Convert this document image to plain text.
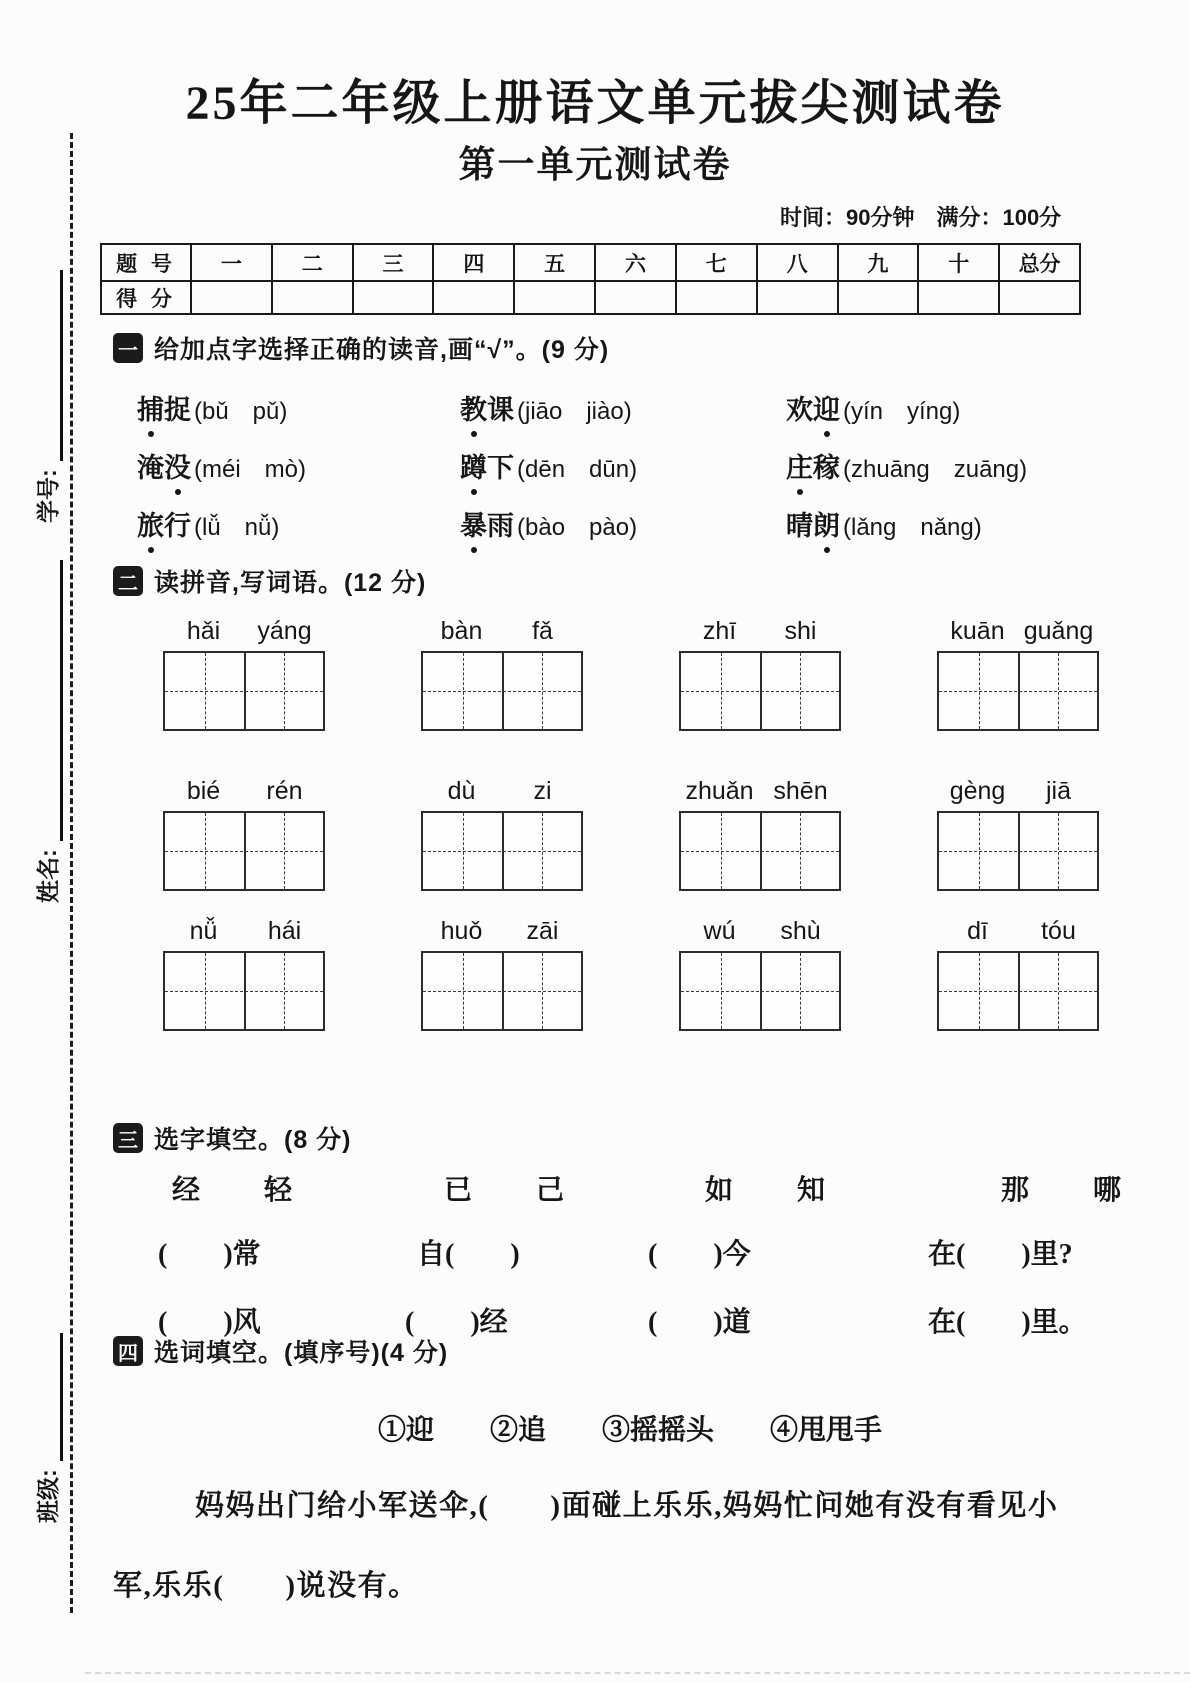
学号:
姓名:
班级:
25年二年级上册语文单元拔尖测试卷
第一单元测试卷
时间：90分钟　满分：100分
题 号	一	二	三	四	五	六	七	八	九	十	总分
得 分											
一 给加点字选择正确的读音,画“√”。(9 分)
捕 捉 (bǔ　pǔ)	教 课 (jiāo　jiào)	欢 迎 (yín　yíng)
淹 没 (méi　mò)	蹲 下 (dēn　dūn)	庄 稼 (zhuāng　zuāng)
旅 行 (lǚ　nǚ)	暴 雨 (bào　pào)	晴 朗 (lǎng　nǎng)
二 读拼音,写词语。(12 分)
hǎi	yáng	bàn	fǎ	zhī	shi	kuān guǎng
bié	rén	dù	zi	zhuǎn shēn	gèng	jiā
nǚ	hái	huǒ	zāi	wú	shù	dī	tóu
三 选字填空。(8 分)
经 轻	已 己	如 知	那 哪
(　　)常	自(　　)	(　　)今	在(　　)里?
(　　)风	(　　)经	(　　)道	在(　　)里。
四 选词填空。(填序号)(4 分)
①迎 ②追 ③摇摇头 ④甩甩手
妈妈出门给小军送伞,(　　)面碰上乐乐,妈妈忙问她有没有看见小
军,乐乐(　　)说没有。
